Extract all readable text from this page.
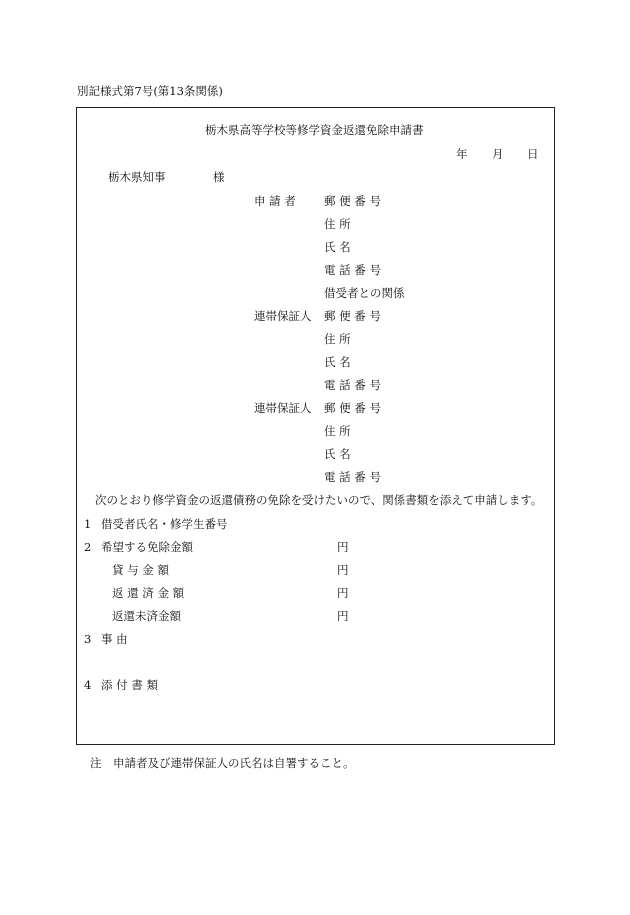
別記様式第7号(第13条関係)
栃木県高等学校等修学資金返還免除申請書
年 月 日
栃木県知事	様
申 請 者 郵 便 番 号
住 所
氏 名
電 話 番 号
借受者との関係
連帯保証人 郵 便 番 号
住 所
氏 名
電 話 番 号
連帯保証人 郵 便 番 号
住 所
氏 名
電 話 番 号
次のとおり修学資金の返還債務の免除を受けたいので、関係書類を添えて申請します。
1 借受者氏名・修学生番号
2 希望する免除金額	円
貸 与 金 額	円
返 還 済 金 額	円
返還未済金額	円
3 事 由
4 添 付 書 類
注　申請者及び連帯保証人の氏名は自署すること。
